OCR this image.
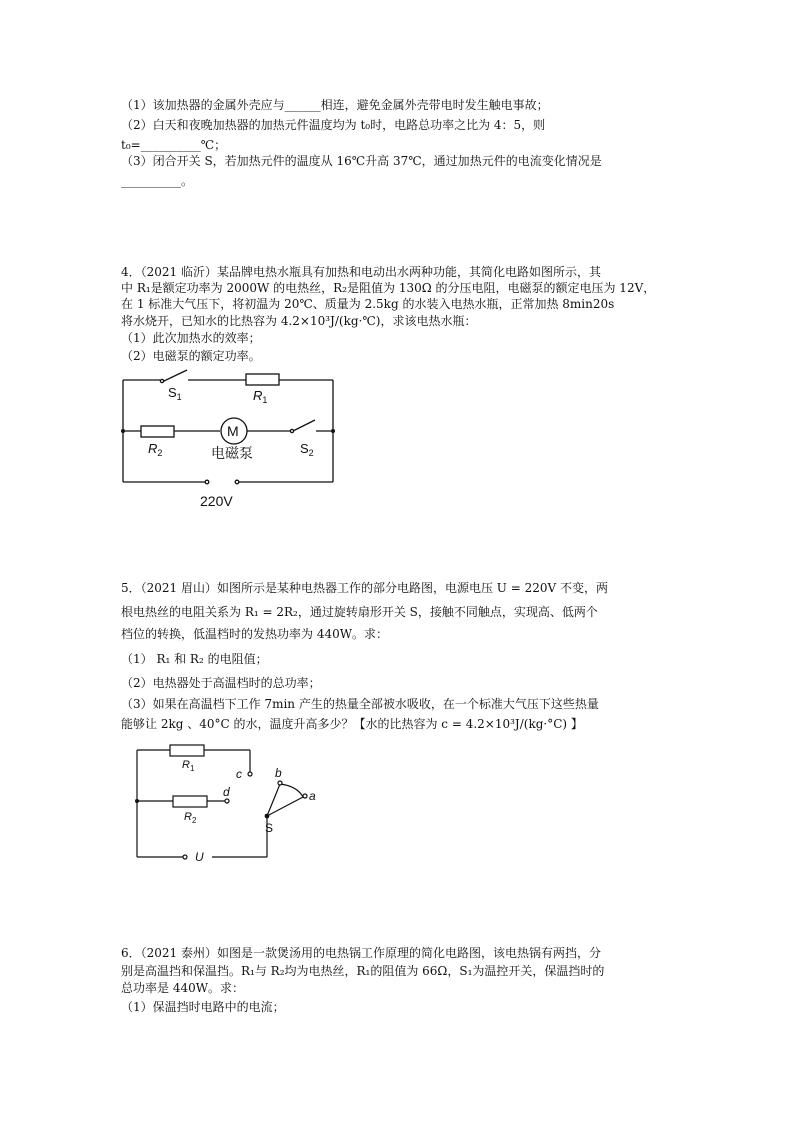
（1）该加热器的金属外壳应与______相连，避免金属外壳带电时发生触电事故；
（2）白天和夜晚加热器的加热元件温度均为 t₀时，电路总功率之比为 4：5，则
t₀=__________℃；
（3）闭合开关 S，若加热元件的温度从 16℃升高 37℃，通过加热元件的电流变化情况是
__________。
4．（2021 临沂）某品牌电热水瓶具有加热和电动出水两种功能，其简化电路如图所示，其
中 R₁是额定功率为 2000W 的电热丝，R₂是阻值为 130Ω 的分压电阻，电磁泵的额定电压为 12V，
在 1 标准大气压下，将初温为 20℃、质量为 2.5kg 的水装入电热水瓶，正常加热 8min20s
将水烧开，已知水的比热容为 4.2×10³J/(kg·℃)，求该电热水瓶：
（1）此次加热水的效率；
（2）电磁泵的额定功率。
$S_1$	$R_1$
M
$R_2$	电磁泵	$S_2$
220V
5．（2021 眉山）如图所示是某种电热器工作的部分电路图，电源电压 U = 220V 不变，两
根电热丝的电阻关系为 R₁ = 2R₂，通过旋转扇形开关 S，接触不同触点，实现高、低两个
档位的转换，低温档时的发热功率为 440W。求：
（1） R₁ 和 R₂ 的电阻值；
（2）电热器处于高温档时的总功率；
（3）如果在高温档下工作 7min 产生的热量全部被水吸收，在一个标准大气压下这些热量
能够让 2kg 、40°C 的水，温度升高多少？【水的比热容为 c = 4.2×10³J/(kg·°C) 】
$R_1$	c
d
$R_2$
b
a
S
U
6．（2021 泰州）如图是一款煲汤用的电热锅工作原理的简化电路图，该电热锅有两挡，分
别是高温挡和保温挡。R₁与 R₂均为电热丝，R₁的阻值为 66Ω，S₁为温控开关，保温挡时的
总功率是 440W。求：
（1）保温挡时电路中的电流；
